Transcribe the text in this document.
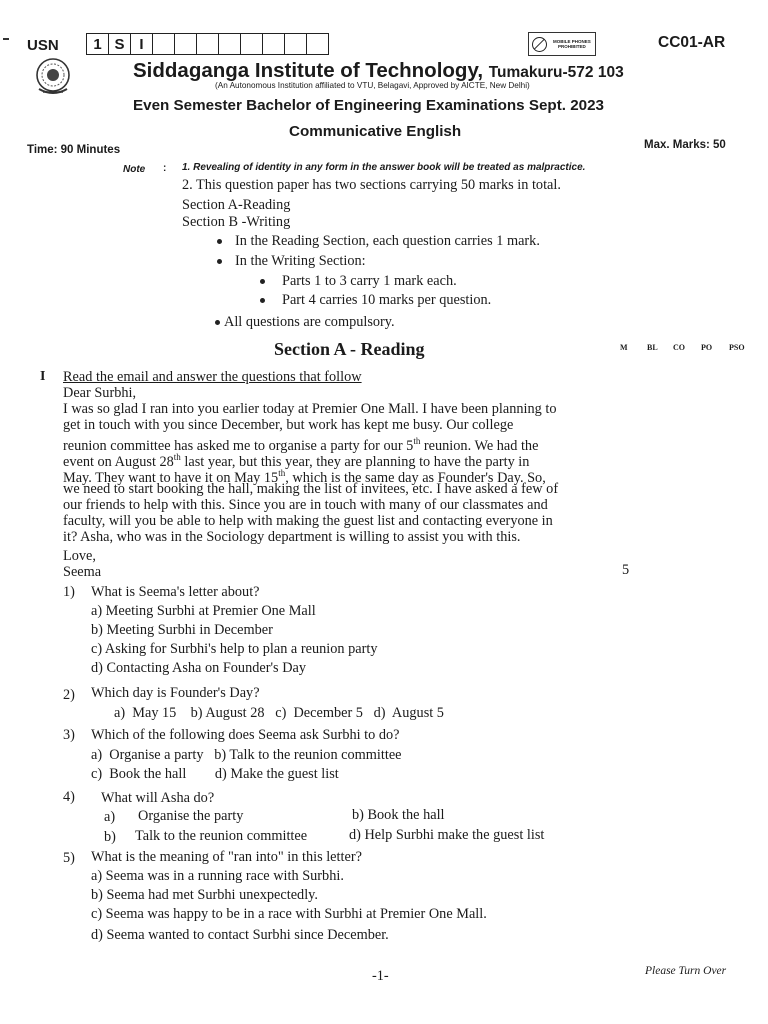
USN	1 S I	MOBILE PHONES
PROHIBITED	CC01-AR
Siddaganga Institute of Technology, Tumakuru-572 103
(An Autonomous Institution affiliated to VTU, Belagavi, Approved by AICTE, New Delhi)
Even Semester Bachelor of Engineering Examinations Sept. 2023
Communicative English
Time: 90 Minutes	Max. Marks: 50
Note : 1. Revealing of identity in any form in the answer book will be treated as malpractice.
2. This question paper has two sections carrying 50 marks in total.
Section A-Reading
Section B -Writing
In the Reading Section, each question carries 1 mark.
In the Writing Section:
Parts 1 to 3 carry 1 mark each.
Part 4 carries 10 marks per question.
All questions are compulsory.
Section A - Reading	M BL CO PO PSO
I Read the email and answer the questions that follow
Dear Surbhi,
I was so glad I ran into you earlier today at Premier One Mall. I have been planning to
get in touch with you since December, but work has kept me busy. Our college
reunion committee has asked me to organise a party for our 5th reunion. We had the
event on August 28th last year, but this year, they are planning to have the party in
May. They want to have it on May 15th, which is the same day as Founder's Day. So,
we need to start booking the hall, making the list of invitees, etc. I have asked a few of
our friends to help with this. Since you are in touch with many of our classmates and
faculty, will you be able to help with making the guest list and contacting everyone in
it? Asha, who was in the Sociology department is willing to assist you with this.
Love,
Seema	5
1) What is Seema's letter about?
a) Meeting Surbhi at Premier One Mall
b) Meeting Surbhi in December
c) Asking for Surbhi's help to plan a reunion party
d) Contacting Asha on Founder's Day
2) Which day is Founder's Day?
a)  May 15    b) August 28   c)  December 5   d)  August 5
3) Which of the following does Seema ask Surbhi to do?
a)  Organise a party   b) Talk to the reunion committee
c)  Book the hall        d) Make the guest list
4) What will Asha do?
a) Organise the party	b) Book the hall
b) Talk to the reunion committee	d) Help Surbhi make the guest list
5) What is the meaning of "ran into" in this letter?
a) Seema was in a running race with Surbhi.
b) Seema had met Surbhi unexpectedly.
c) Seema was happy to be in a race with Surbhi at Premier One Mall.
d) Seema wanted to contact Surbhi since December.
-1-	Please Turn Over
